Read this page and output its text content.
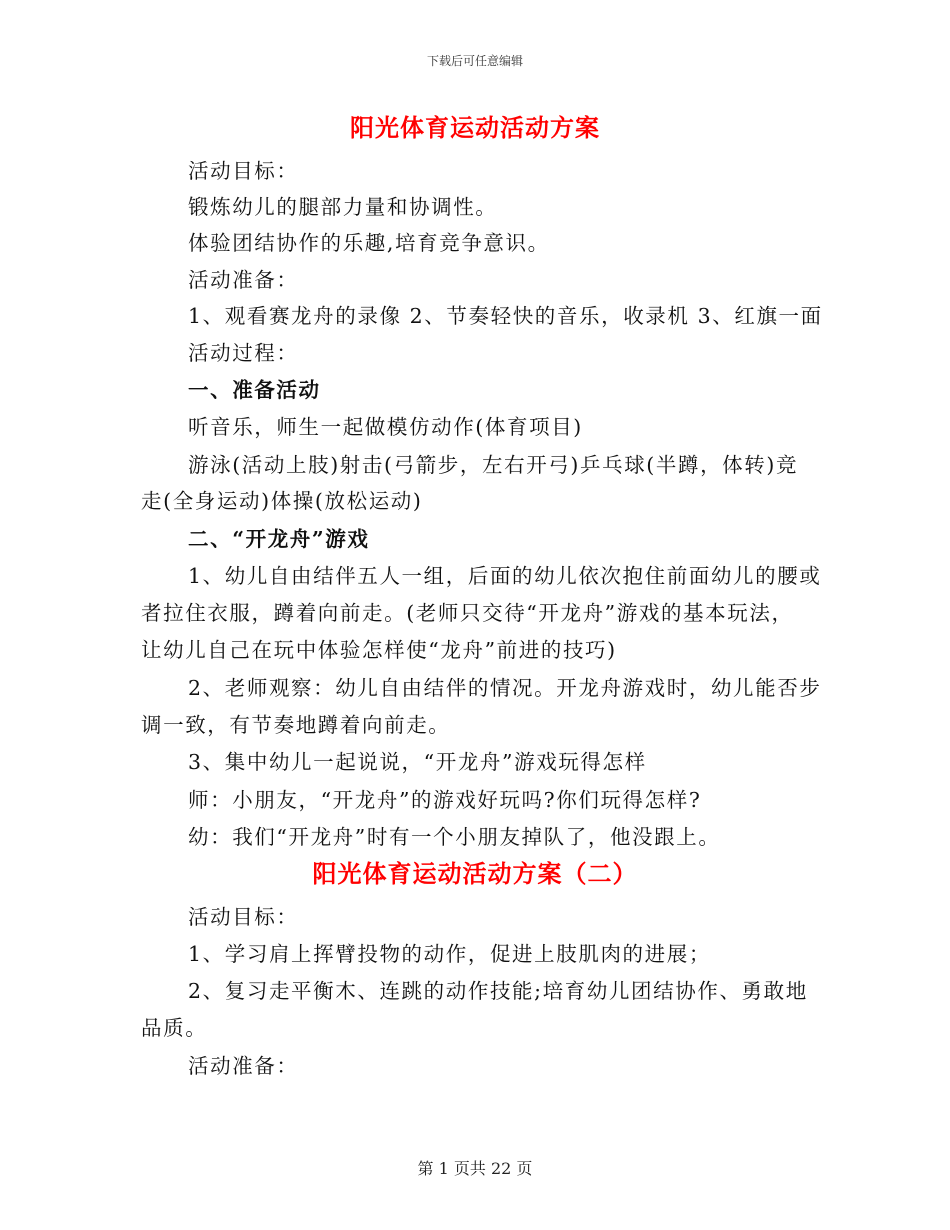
下载后可任意编辑
阳光体育运动活动方案
活动目标：
锻炼幼儿的腿部力量和协调性。
体验团结协作的乐趣,培育竞争意识。
活动准备：
1、观看赛龙舟的录像 2、节奏轻快的音乐，收录机 3、红旗一面
活动过程：
一、准备活动
听音乐，师生一起做模仿动作(体育项目)
游泳(活动上肢)射击(弓箭步，左右开弓)乒乓球(半蹲，体转)竞
走(全身运动)体操(放松运动)
二、“开龙舟”游戏
1、幼儿自由结伴五人一组，后面的幼儿依次抱住前面幼儿的腰或
者拉住衣服，蹲着向前走。(老师只交待“开龙舟”游戏的基本玩法，
让幼儿自己在玩中体验怎样使“龙舟”前进的技巧)
2、老师观察：幼儿自由结伴的情况。开龙舟游戏时，幼儿能否步
调一致，有节奏地蹲着向前走。
3、集中幼儿一起说说，“开龙舟”游戏玩得怎样
师：小朋友，“开龙舟”的游戏好玩吗?你们玩得怎样?
幼：我们“开龙舟”时有一个小朋友掉队了，他没跟上。
阳光体育运动活动方案（二）
活动目标：
1、学习肩上挥臂投物的动作，促进上肢肌肉的进展；
2、复习走平衡木、连跳的动作技能;培育幼儿团结协作、勇敢地
品质。
活动准备：
第 1 页共 22 页
